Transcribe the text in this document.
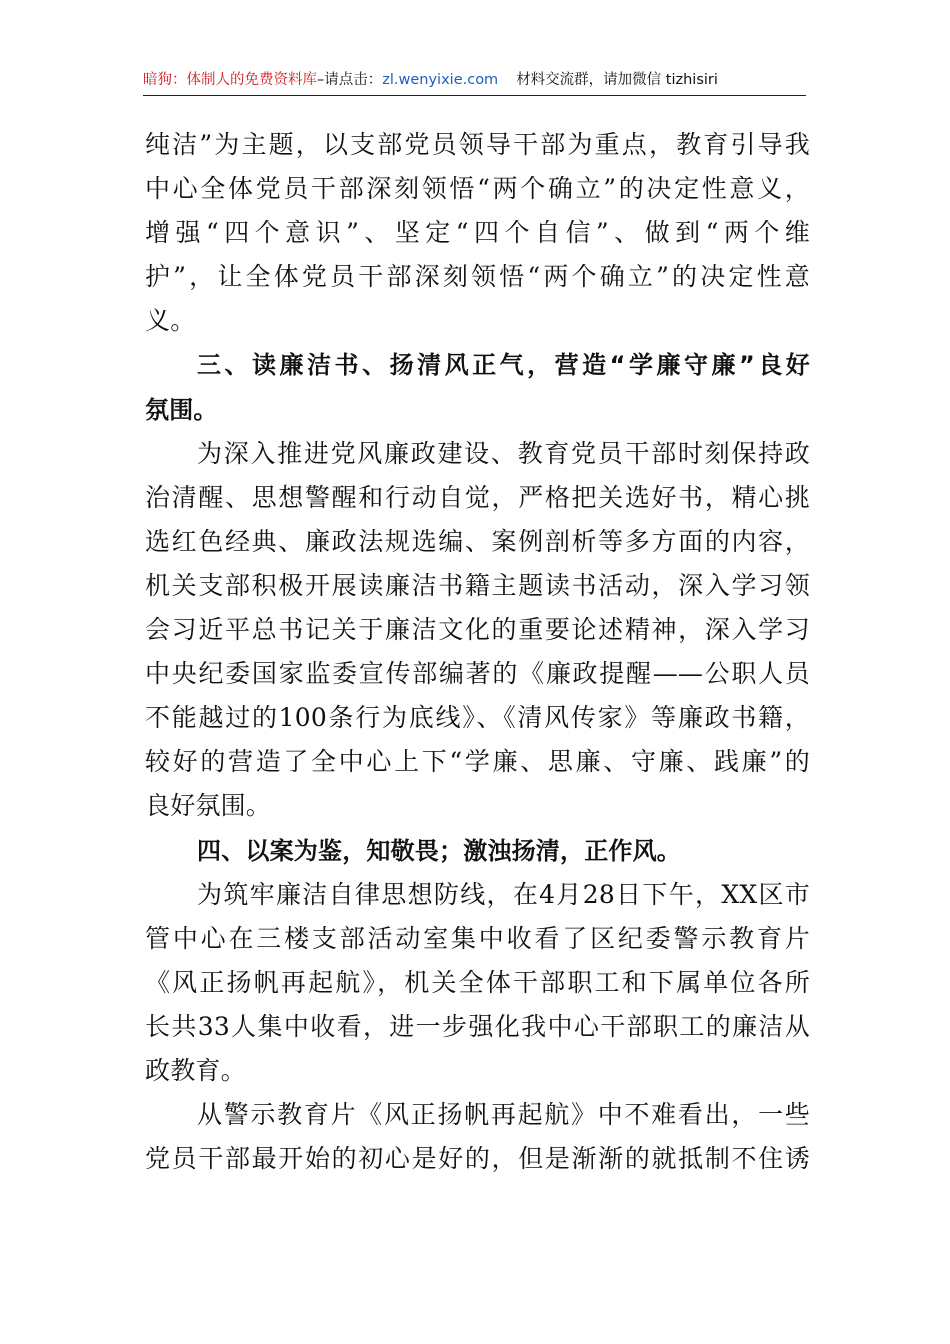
暗狗：体制人的免费资料库–请点击：zl.wenyixie.com 材料交流群，请加微信 tizhisiri
纯洁”为主题，以支部党员领导干部为重点，教育引导我
中心全体党员干部深刻领悟“两个确立”的决定性意义，
增强“四个意识”、坚定“四个自信”、做到“两个维
护”，让全体党员干部深刻领悟“两个确立”的决定性意
义。
三、读廉洁书、扬清风正气，营造“学廉守廉”良好
氛围。
为深入推进党风廉政建设、教育党员干部时刻保持政
治清醒、思想警醒和行动自觉，严格把关选好书，精心挑
选红色经典、廉政法规选编、案例剖析等多方面的内容，
机关支部积极开展读廉洁书籍主题读书活动，深入学习领
会习近平总书记关于廉洁文化的重要论述精神，深入学习
中央纪委国家监委宣传部编著的《廉政提醒——公职人员
不能越过的100条行为底线》、《清风传家》等廉政书籍，
较好的营造了全中心上下“学廉、思廉、守廉、践廉”的
良好氛围。
四、以案为鉴，知敬畏；激浊扬清，正作风。
为筑牢廉洁自律思想防线，在4月28日下午，XX区市
管中心在三楼支部活动室集中收看了区纪委警示教育片
《风正扬帆再起航》，机关全体干部职工和下属单位各所
长共33人集中收看，进一步强化我中心干部职工的廉洁从
政教育。
从警示教育片《风正扬帆再起航》中不难看出，一些
党员干部最开始的初心是好的，但是渐渐的就抵制不住诱
